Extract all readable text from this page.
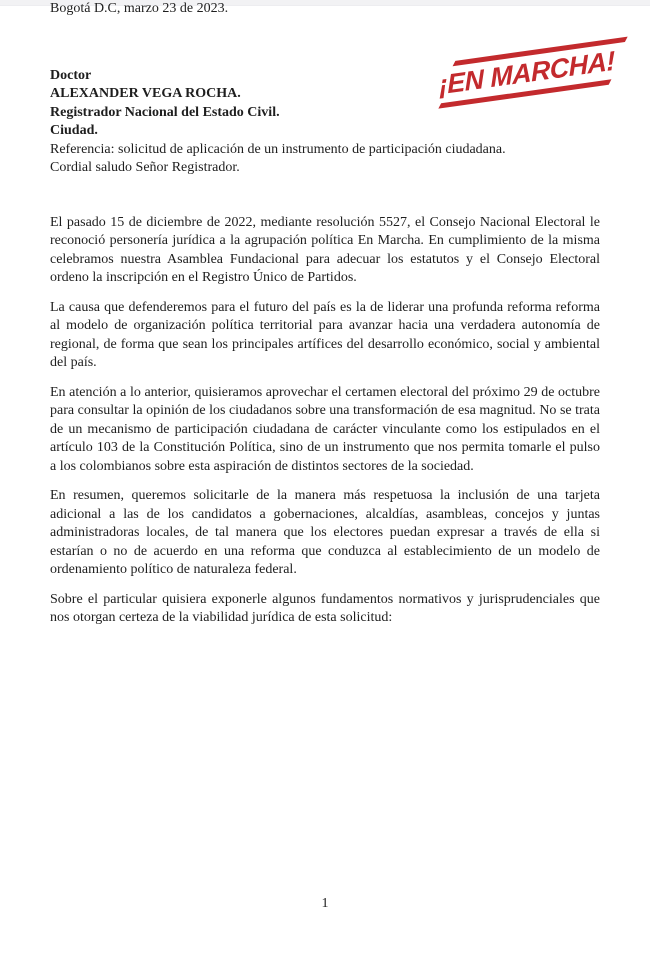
¡EN MARCHA!

Bogotá D.C, marzo 23 de 2023.

Doctor

ALEXANDER VEGA ROCHA.

Registrador Nacional del Estado Civil.

Ciudad.

Referencia: solicitud de aplicación de un instrumento de participación ciudadana.

Cordial saludo Señor Registrador.

El pasado 15 de diciembre de 2022, mediante resolución 5527, el Consejo Nacional Electoral le reconoció personería jurídica a la agrupación política En Marcha. En cumplimiento de la misma celebramos nuestra Asamblea Fundacional para adecuar los estatutos y el Consejo Electoral ordeno la inscripción en el Registro Único de Partidos.

La causa que defenderemos para el futuro del país es la de liderar una profunda reforma reforma al modelo de organización política territorial para avanzar hacia una verdadera autonomía de regional, de forma que sean los principales artífices del desarrollo económico, social y ambiental del país.

En atención a lo anterior, quisieramos aprovechar el certamen electoral del próximo 29 de octubre para consultar la opinión de los ciudadanos sobre una transformación de esa magnitud. No se trata de un mecanismo de participación ciudadana de carácter vinculante como los estipulados en el artículo 103 de la Constitución Política, sino de un instrumento que nos permita tomarle el pulso a los colombianos sobre esta aspiración de distintos sectores de la sociedad.

En resumen, queremos solicitarle de la manera más respetuosa la inclusión de una tarjeta adicional a las de los candidatos a gobernaciones, alcaldías, asambleas, concejos y juntas administradoras locales, de tal manera que los electores puedan expresar a través de ella si estarían o no de acuerdo en una reforma que conduzca al establecimiento de un modelo de ordenamiento político de naturaleza federal.

Sobre el particular quisiera exponerle algunos fundamentos normativos y jurisprudenciales que nos otorgan certeza de la viabilidad jurídica de esta solicitud:

1
